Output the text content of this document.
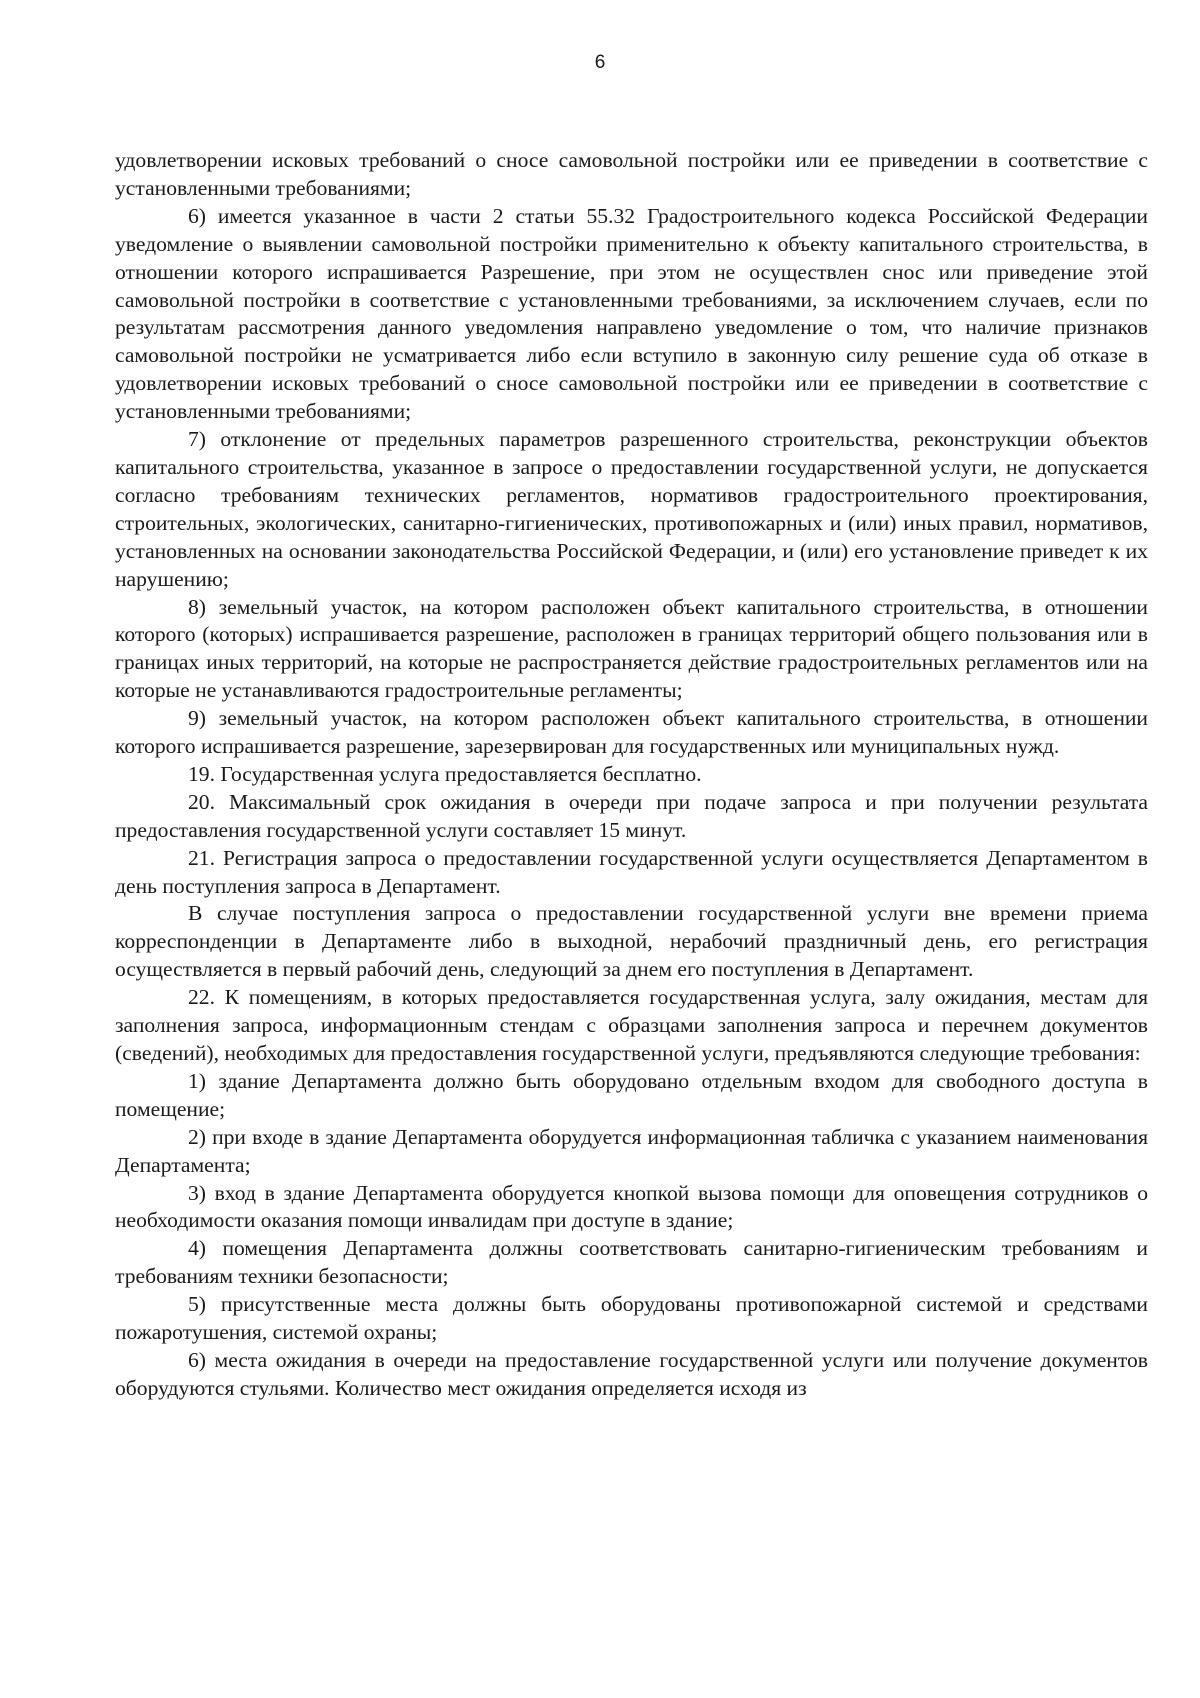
6

удовлетворении исковых требований о сносе самовольной постройки или ее приведении в соответствие с установленными требованиями;

6) имеется указанное в части 2 статьи 55.32 Градостроительного кодекса Российской Федерации уведомление о выявлении самовольной постройки применительно к объекту капитального строительства, в отношении которого испрашивается Разрешение, при этом не осуществлен снос или приведение этой самовольной постройки в соответствие с установленными требованиями, за исключением случаев, если по результатам рассмотрения данного уведомления направлено уведомление о том, что наличие признаков самовольной постройки не усматривается либо если вступило в законную силу решение суда об отказе в удовлетворении исковых требований о сносе самовольной постройки или ее приведении в соответствие с установленными требованиями;

7) отклонение от предельных параметров разрешенного строительства, реконструкции объектов капитального строительства, указанное в запросе о предоставлении государственной услуги, не допускается согласно требованиям технических регламентов, нормативов градостроительного проектирования, строительных, экологических, санитарно-гигиенических, противопожарных и (или) иных правил, нормативов, установленных на основании законодательства Российской Федерации, и (или) его установление приведет к их нарушению;

8) земельный участок, на котором расположен объект капитального строительства, в отношении которого (которых) испрашивается разрешение, расположен в границах территорий общего пользования или в границах иных территорий, на которые не распространяется действие градостроительных регламентов или на которые не устанавливаются градостроительные регламенты;

9) земельный участок, на котором расположен объект капитального строительства, в отношении которого испрашивается разрешение, зарезервирован для государственных или муниципальных нужд.

19. Государственная услуга предоставляется бесплатно.

20. Максимальный срок ожидания в очереди при подаче запроса и при получении результата предоставления государственной услуги составляет 15 минут.

21. Регистрация запроса о предоставлении государственной услуги осуществляется Департаментом в день поступления запроса в Департамент.

В случае поступления запроса о предоставлении государственной услуги вне времени приема корреспонденции в Департаменте либо в выходной, нерабочий праздничный день, его регистрация осуществляется в первый рабочий день, следующий за днем его поступления в Департамент.

22. К помещениям, в которых предоставляется государственная услуга, залу ожидания, местам для заполнения запроса, информационным стендам с образцами заполнения запроса и перечнем документов (сведений), необходимых для предоставления государственной услуги, предъявляются следующие требования:

1) здание Департамента должно быть оборудовано отдельным входом для свободного доступа в помещение;

2) при входе в здание Департамента оборудуется информационная табличка с указанием наименования Департамента;

3) вход в здание Департамента оборудуется кнопкой вызова помощи для оповещения сотрудников о необходимости оказания помощи инвалидам при доступе в здание;

4) помещения Департамента должны соответствовать санитарно-гигиеническим требованиям и требованиям техники безопасности;

5) присутственные места должны быть оборудованы противопожарной системой и средствами пожаротушения, системой охраны;

6) места ожидания в очереди на предоставление государственной услуги или получение документов оборудуются стульями. Количество мест ожидания определяется исходя из
